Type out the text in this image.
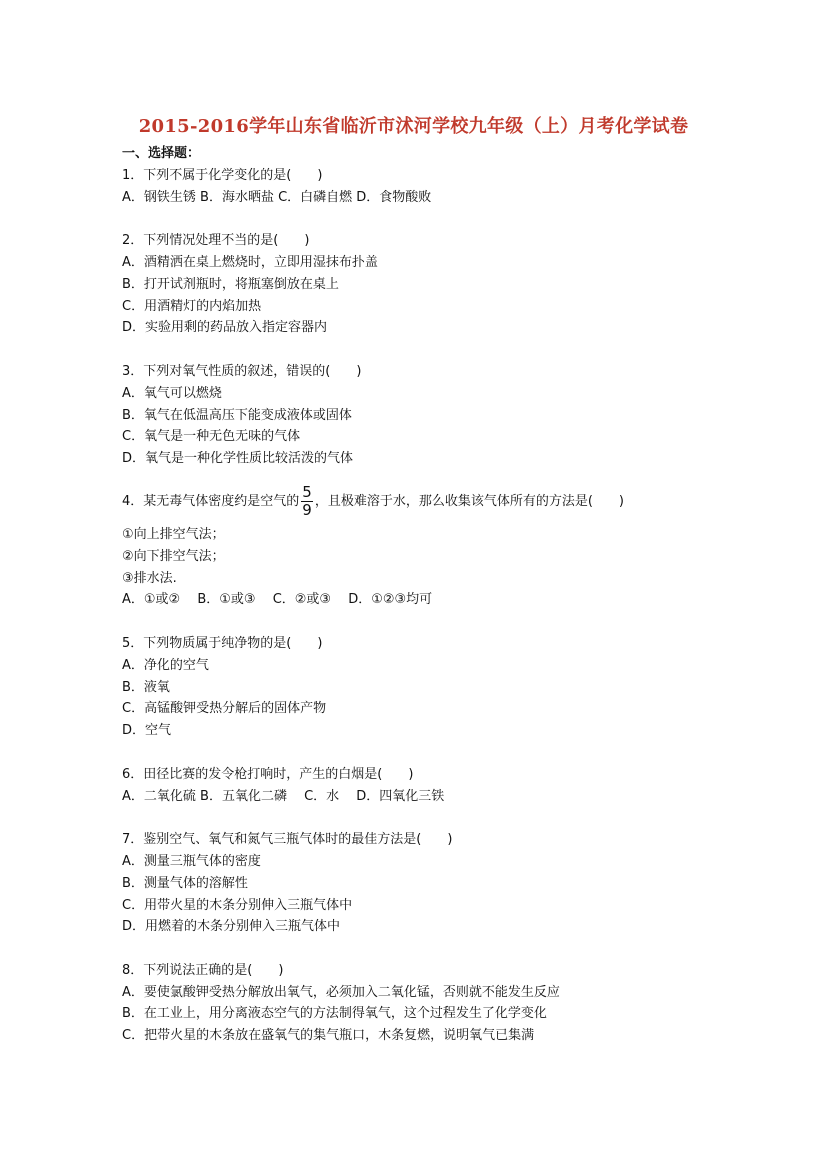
2015-2016学年山东省临沂市沭河学校九年级（上）月考化学试卷
一、选择题：
1．下列不属于化学变化的是(　　)
A．钢铁生锈 B．海水晒盐 C．白磷自燃 D．食物酸败
2．下列情况处理不当的是(　　)
A．酒精洒在桌上燃烧时，立即用湿抹布扑盖
B．打开试剂瓶时，将瓶塞倒放在桌上
C．用酒精灯的内焰加热
D．实验用剩的药品放入指定容器内
3．下列对氧气性质的叙述，错误的(　　)
A．氧气可以燃烧
B．氧气在低温高压下能变成液体或固体
C．氧气是一种无色无味的气体
D．氧气是一种化学性质比较活泼的气体
4．某无毒气体密度约是空气的 $\frac{5}{9}$ ，且极难溶于水，那么收集该气体所有的方法是(　　)
①向上排空气法；
②向下排空气法；
③排水法.
A．①或②　 B．①或③　 C．②或③　 D．①②③均可
5．下列物质属于纯净物的是(　　)
A．净化的空气
B．液氧
C．高锰酸钾受热分解后的固体产物
D．空气
6．田径比赛的发令枪打响时，产生的白烟是(　　)
A．二氧化硫 B．五氧化二磷　 C．水　 D．四氧化三铁
7．鉴别空气、氧气和氮气三瓶气体时的最佳方法是(　　)
A．测量三瓶气体的密度
B．测量气体的溶解性
C．用带火星的木条分别伸入三瓶气体中
D．用燃着的木条分别伸入三瓶气体中
8．下列说法正确的是(　　)
A．要使氯酸钾受热分解放出氧气，必须加入二氧化锰，否则就不能发生反应
B．在工业上，用分离液态空气的方法制得氧气，这个过程发生了化学变化
C．把带火星的木条放在盛氧气的集气瓶口，木条复燃，说明氧气已集满
